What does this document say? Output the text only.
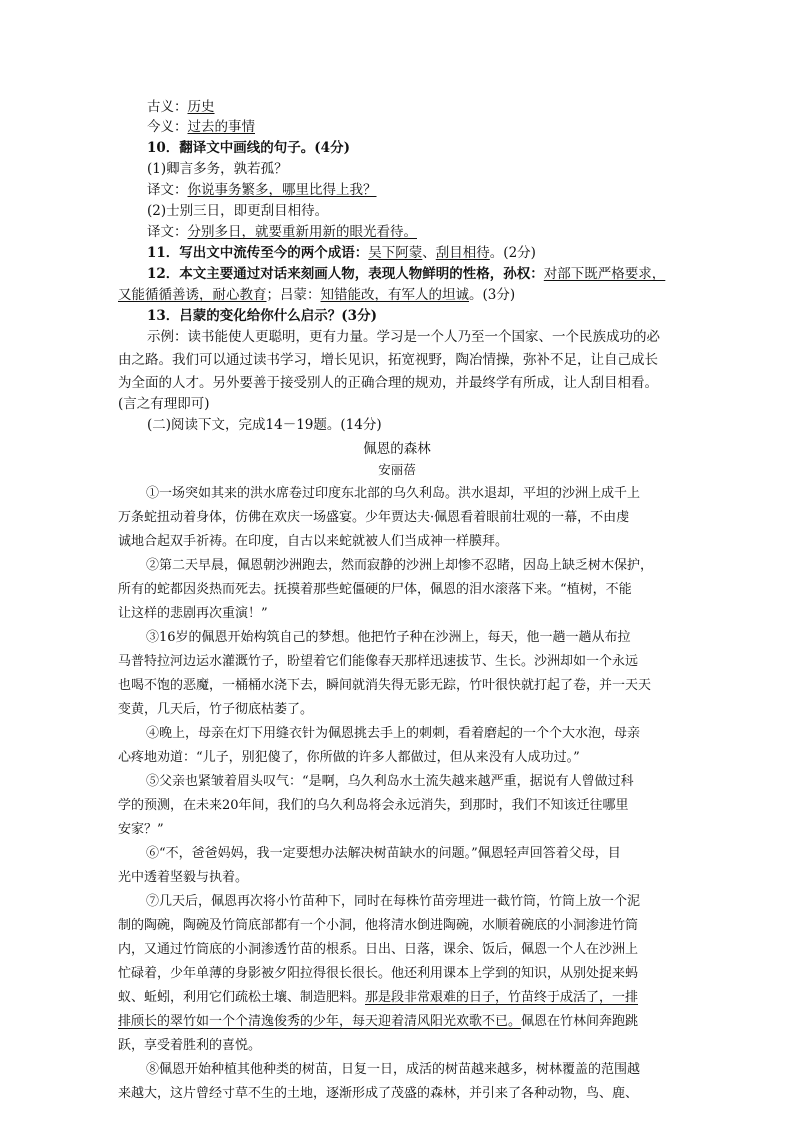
古义：历史
今义：过去的事情
10．翻译文中画线的句子。(4分)
(1)卿言多务，孰若孤？
译文：你说事务繁多，哪里比得上我？
(2)士别三日，即更刮目相待。
译文：分别多日，就要重新用新的眼光看待。
11．写出文中流传至今的两个成语：吴下阿蒙、刮目相待。(2分)
12．本文主要通过对话来刻画人物，表现人物鲜明的性格，孙权：对部下既严格要求，
又能循循善诱，耐心教育；吕蒙：知错能改，有军人的坦诚。(3分)
13．吕蒙的变化给你什么启示？(3分)
示例：读书能使人更聪明，更有力量。学习是一个人乃至一个国家、一个民族成功的必
由之路。我们可以通过读书学习，增长见识，拓宽视野，陶冶情操，弥补不足，让自己成长
为全面的人才。另外要善于接受别人的正确合理的规劝，并最终学有所成，让人刮目相看。
(言之有理即可)
(二)阅读下文，完成14－19题。(14分)
佩恩的森林
安丽蓓
①一场突如其来的洪水席卷过印度东北部的乌久利岛。洪水退却，平坦的沙洲上成千上
万条蛇扭动着身体，仿佛在欢庆一场盛宴。少年贾达夫·佩恩看着眼前壮观的一幕，不由虔
诚地合起双手祈祷。在印度，自古以来蛇就被人们当成神一样膜拜。
②第二天早晨，佩恩朝沙洲跑去，然而寂静的沙洲上却惨不忍睹，因岛上缺乏树木保护，
所有的蛇都因炎热而死去。抚摸着那些蛇僵硬的尸体，佩恩的泪水滚落下来。“植树，不能
让这样的悲剧再次重演！”
③16岁的佩恩开始构筑自己的梦想。他把竹子种在沙洲上，每天，他一趟一趟从布拉
马普特拉河边运水灌溉竹子，盼望着它们能像春天那样迅速拔节、生长。沙洲却如一个永远
也喝不饱的恶魔，一桶桶水浇下去，瞬间就消失得无影无踪，竹叶很快就打起了卷，并一天天
变黄，几天后，竹子彻底枯萎了。
④晚上，母亲在灯下用缝衣针为佩恩挑去手上的刺刺，看着磨起的一个个大水泡，母亲
心疼地劝道：“儿子，别犯傻了，你所做的许多人都做过，但从来没有人成功过。”
⑤父亲也紧皱着眉头叹气：“是啊，乌久利岛水土流失越来越严重，据说有人曾做过科
学的预测，在未来20年间，我们的乌久利岛将会永远消失，到那时，我们不知该迁往哪里
安家？”
⑥“不，爸爸妈妈，我一定要想办法解决树苗缺水的问题。”佩恩轻声回答着父母，目
光中透着坚毅与执着。
⑦几天后，佩恩再次将小竹苗种下，同时在每株竹苗旁埋进一截竹筒，竹筒上放一个泥
制的陶碗，陶碗及竹筒底部都有一个小洞，他将清水倒进陶碗，水顺着碗底的小洞渗进竹筒
内，又通过竹筒底的小洞渗透竹苗的根系。日出、日落，课余、饭后，佩恩一个人在沙洲上
忙碌着，少年单薄的身影被夕阳拉得很长很长。他还利用课本上学到的知识，从别处捉来蚂
蚁、蚯蚓，利用它们疏松土壤、制造肥料。那是段非常艰难的日子，竹苗终于成活了，一排
排颀长的翠竹如一个个清逸俊秀的少年，每天迎着清风阳光欢歌不已。佩恩在竹林间奔跑跳
跃，享受着胜利的喜悦。
⑧佩恩开始种植其他种类的树苗，日复一日，成活的树苗越来越多，树林覆盖的范围越
来越大，这片曾经寸草不生的土地，逐渐形成了茂盛的森林，并引来了各种动物，鸟、鹿、
